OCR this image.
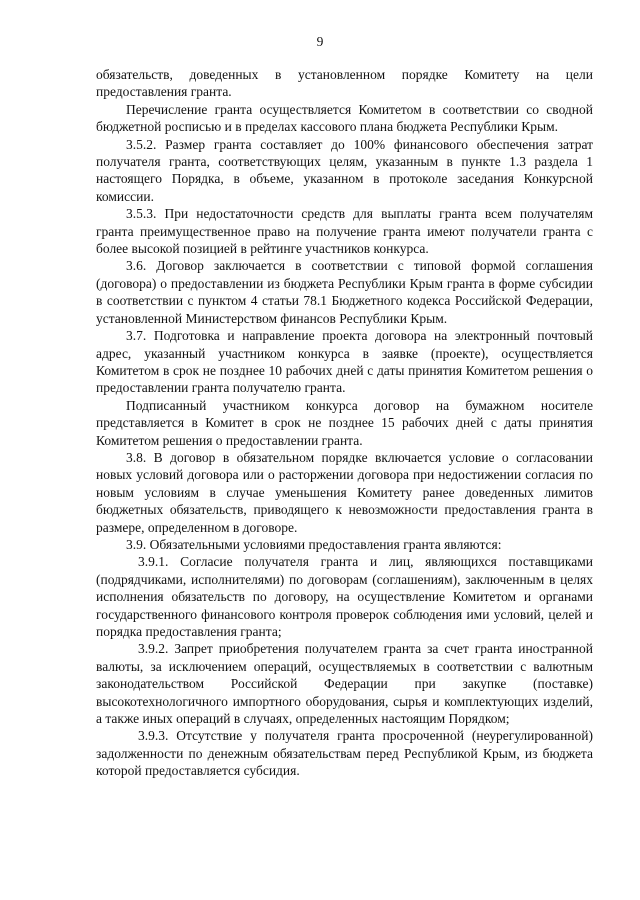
9

обязательств, доведенных в установленном порядке Комитету на цели предоставления гранта.

Перечисление гранта осуществляется Комитетом в соответствии со сводной бюджетной росписью и в пределах кассового плана бюджета Республики Крым.

3.5.2. Размер гранта составляет до 100% финансового обеспечения затрат получателя гранта, соответствующих целям, указанным в пункте 1.3 раздела 1 настоящего Порядка, в объеме, указанном в протоколе заседания Конкурсной комиссии.

3.5.3. При недостаточности средств для выплаты гранта всем получателям гранта преимущественное право на получение гранта имеют получатели гранта с более высокой позицией в рейтинге участников конкурса.

3.6. Договор заключается в соответствии с типовой формой соглашения (договора) о предоставлении из бюджета Республики Крым гранта в форме субсидии в соответствии с пунктом 4 статьи 78.1 Бюджетного кодекса Российской Федерации, установленной Министерством финансов Республики Крым.

3.7. Подготовка и направление проекта договора на электронный почтовый адрес, указанный участником конкурса в заявке (проекте), осуществляется Комитетом в срок не позднее 10 рабочих дней с даты принятия Комитетом решения о предоставлении гранта получателю гранта.

Подписанный участником конкурса договор на бумажном носителе представляется в Комитет в срок не позднее 15 рабочих дней с даты принятия Комитетом решения о предоставлении гранта.

3.8. В договор в обязательном порядке включается условие о согласовании новых условий договора или о расторжении договора при недостижении согласия по новым условиям в случае уменьшения Комитету ранее доведенных лимитов бюджетных обязательств, приводящего к невозможности предоставления гранта в размере, определенном в договоре.

3.9. Обязательными условиями предоставления гранта являются:

3.9.1. Согласие получателя гранта и лиц, являющихся поставщиками (подрядчиками, исполнителями) по договорам (соглашениям), заключенным в целях исполнения обязательств по договору, на осуществление Комитетом и органами государственного финансового контроля проверок соблюдения ими условий, целей и порядка предоставления гранта;

3.9.2. Запрет приобретения получателем гранта за счет гранта иностранной валюты, за исключением операций, осуществляемых в соответствии с валютным законодательством Российской Федерации при закупке (поставке) высокотехнологичного импортного оборудования, сырья и комплектующих изделий, а также иных операций в случаях, определенных настоящим Порядком;

3.9.3. Отсутствие у получателя гранта просроченной (неурегулированной) задолженности по денежным обязательствам перед Республикой Крым, из бюджета которой предоставляется субсидия.
